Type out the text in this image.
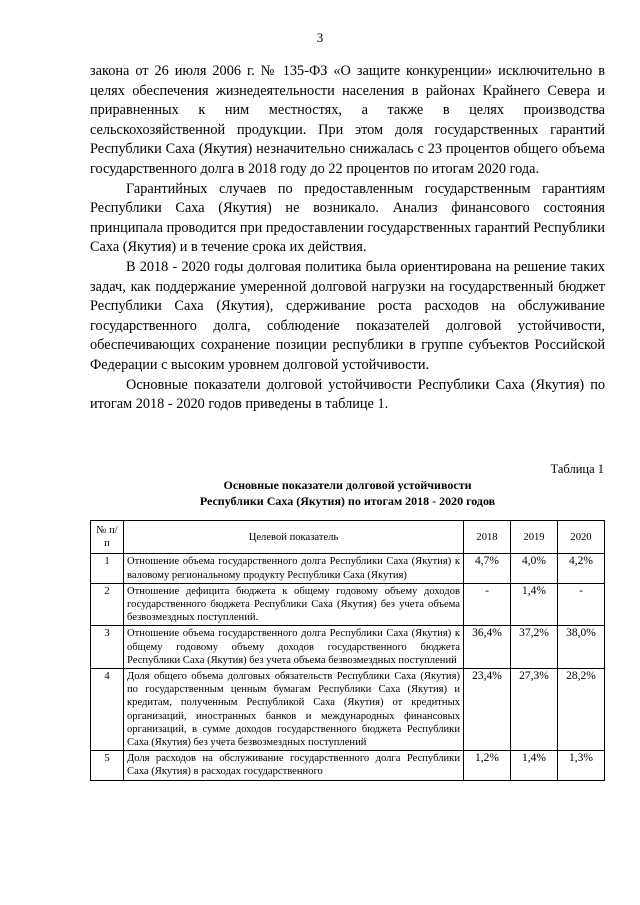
3

закона от 26 июля 2006 г. № 135-ФЗ «О защите конкуренции» исключительно в целях обеспечения жизнедеятельности населения в районах Крайнего Севера и приравненных к ним местностях, а также в целях производства сельскохозяйственной продукции. При этом доля государственных гарантий Республики Саха (Якутия) незначительно снижалась с 23 процентов общего объема государственного долга в 2018 году до 22 процентов по итогам 2020 года.

Гарантийных случаев по предоставленным государственным гарантиям Республики Саха (Якутия) не возникало. Анализ финансового состояния принципала проводится при предоставлении государственных гарантий Республики Саха (Якутия) и в течение срока их действия.

В 2018 - 2020 годы долговая политика была ориентирована на решение таких задач, как поддержание умеренной долговой нагрузки на государственный бюджет Республики Саха (Якутия), сдерживание роста расходов на обслуживание государственного долга, соблюдение показателей долговой устойчивости, обеспечивающих сохранение позиции республики в группе субъектов Российской Федерации с высоким уровнем долговой устойчивости.

Основные показатели долговой устойчивости Республики Саха (Якутия) по итогам 2018 - 2020 годов приведены в таблице 1.

Таблица 1
Основные показатели долговой устойчивости
Республики Саха (Якутия) по итогам 2018 - 2020 годов
№ п/п	Целевой показатель	2018	2019	2020
1	Отношение объема государственного долга Республики Саха (Якутия) к валовому региональному продукту Республики Саха (Якутия)	4,7%	4,0%	4,2%
2	Отношение дефицита бюджета к общему годовому объему доходов государственного бюджета Республики Саха (Якутия) без учета объема безвозмездных поступлений.	-	1,4%	-
3	Отношение объема государственного долга Республики Саха (Якутия) к общему годовому объему доходов государственного бюджета Республики Саха (Якутия) без учета объема безвозмездных поступлений	36,4%	37,2%	38,0%
4	Доля общего объема долговых обязательств Республики Саха (Якутия) по государственным ценным бумагам Республики Саха (Якутия) и кредитам, полученным Республикой Саха (Якутия) от кредитных организаций, иностранных банков и международных финансовых организаций, в сумме доходов государственного бюджета Республики Саха (Якутия) без учета безвозмездных поступлений	23,4%	27,3%	28,2%
5	Доля расходов на обслуживание государственного долга Республики Саха (Якутия) в расходах государственного	1,2%	1,4%	1,3%
